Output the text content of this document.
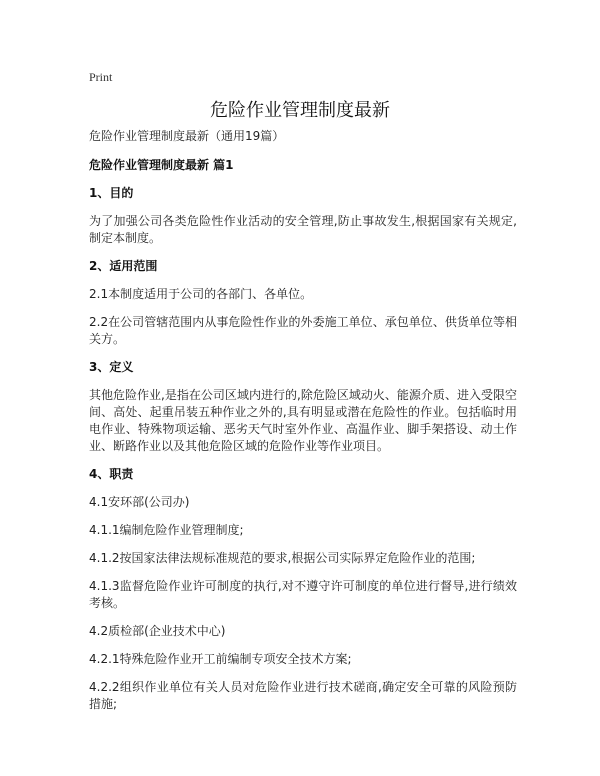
Print
危险作业管理制度最新

危险作业管理制度最新（通用19篇）

危险作业管理制度最新 篇1

1、目的

为了加强公司各类危险性作业活动的安全管理,防止事故发生,根据国家有关规定,制定本制度。

2、适用范围

2.1本制度适用于公司的各部门、各单位。

2.2在公司管辖范围内从事危险性作业的外委施工单位、承包单位、供货单位等相关方。

3、定义

其他危险作业,是指在公司区域内进行的,除危险区域动火、能源介质、进入受限空间、高处、起重吊装五种作业之外的,具有明显或潜在危险性的作业。包括临时用电作业、特殊物项运输、恶劣天气时室外作业、高温作业、脚手架搭设、动土作业、断路作业以及其他危险区域的危险作业等作业项目。

4、职责

4.1安环部(公司办)

4.1.1编制危险作业管理制度;

4.1.2按国家法律法规标准规范的要求,根据公司实际界定危险作业的范围;

4.1.3监督危险作业许可制度的执行,对不遵守许可制度的单位进行督导,进行绩效考核。

4.2质检部(企业技术中心)

4.2.1特殊危险作业开工前编制专项安全技术方案;

4.2.2组织作业单位有关人员对危险作业进行技术磋商,确定安全可靠的风险预防措施;
